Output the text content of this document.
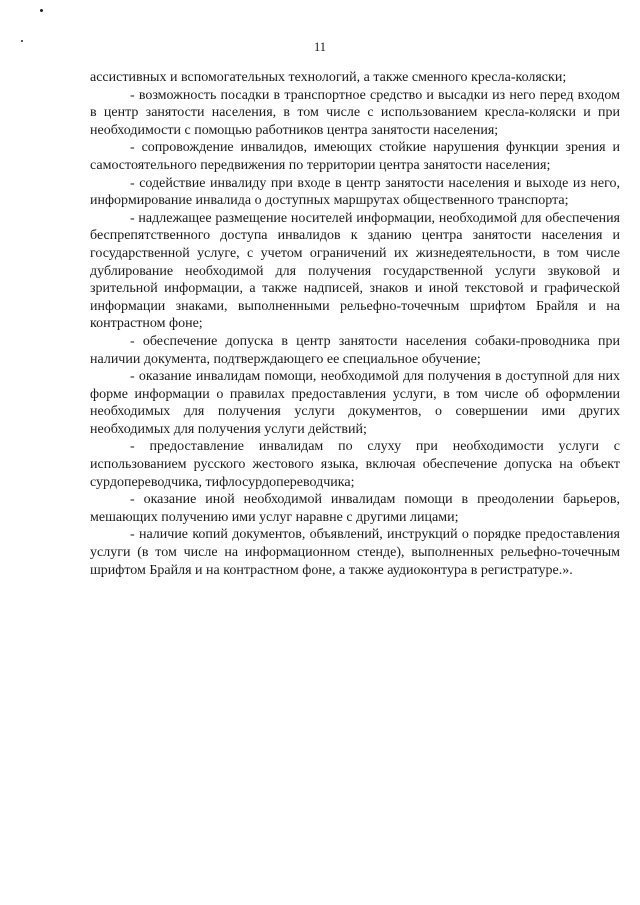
11

ассистивных и вспомогательных технологий, а также сменного кресла-коляски;

- возможность посадки в транспортное средство и высадки из него перед входом в центр занятости населения, в том числе с использованием кресла-коляски и при необходимости с помощью работников центра занятости населения;

- сопровождение инвалидов, имеющих стойкие нарушения функции зрения и самостоятельного передвижения по территории центра занятости населения;

- содействие инвалиду при входе в центр занятости населения и выходе из него, информирование инвалида о доступных маршрутах общественного транспорта;

- надлежащее размещение носителей информации, необходимой для обеспечения беспрепятственного доступа инвалидов к зданию центра занятости населения и государственной услуге, с учетом ограничений их жизнедеятельности, в том числе дублирование необходимой для получения государственной услуги звуковой и зрительной информации, а также надписей, знаков и иной текстовой и графической информации знаками, выполненными рельефно-точечным шрифтом Брайля и на контрастном фоне;

- обеспечение допуска в центр занятости населения собаки-проводника при наличии документа, подтверждающего ее специальное обучение;

- оказание инвалидам помощи, необходимой для получения в доступной для них форме информации о правилах предоставления услуги, в том числе об оформлении необходимых для получения услуги документов, о совершении ими других необходимых для получения услуги действий;

- предоставление инвалидам по слуху при необходимости услуги с использованием русского жестового языка, включая обеспечение допуска на объект сурдопереводчика, тифлосурдопереводчика;

- оказание иной необходимой инвалидам помощи в преодолении барьеров, мешающих получению ими услуг наравне с другими лицами;

- наличие копий документов, объявлений, инструкций о порядке предоставления услуги (в том числе на информационном стенде), выполненных рельефно-точечным шрифтом Брайля и на контрастном фоне, а также аудиоконтура в регистратуре.».
